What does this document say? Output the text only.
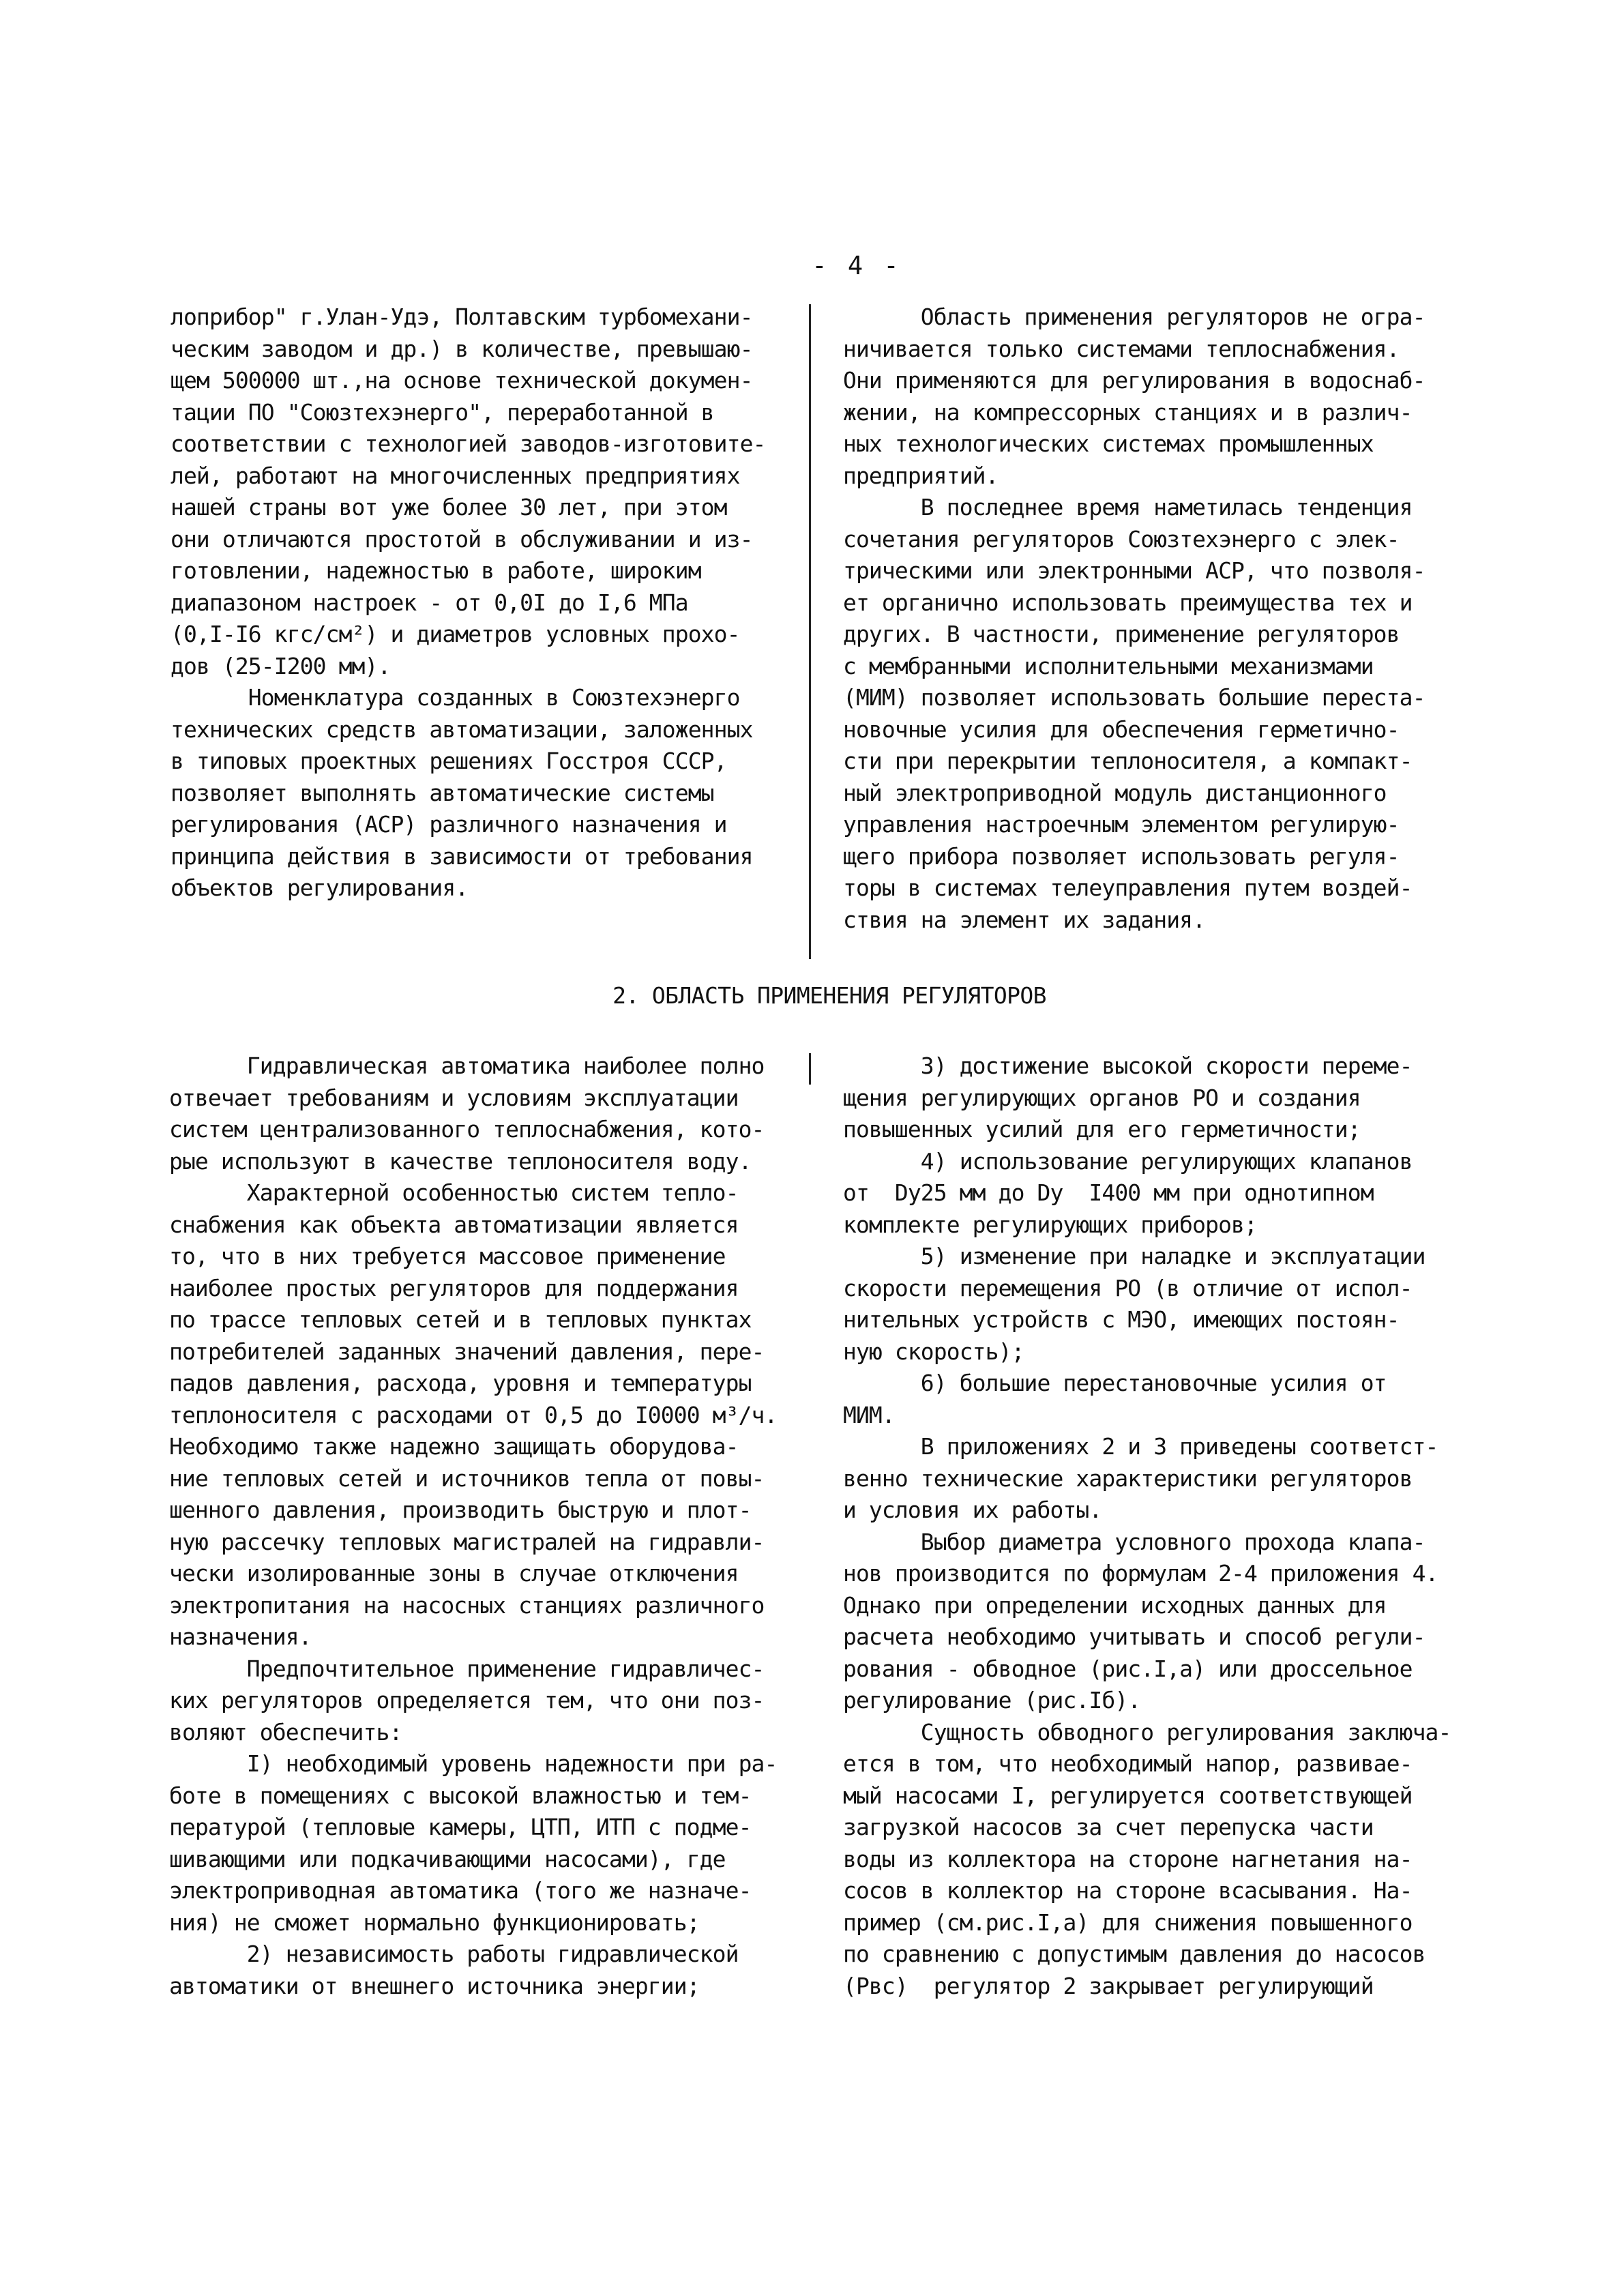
- 4 -

лоприбор" г.Улан-Удэ, Полтавским турбомехани-

ческим заводом и др.) в количестве, превышаю-

щем 500000 шт.,на основе технической докумен-

тации ПО "Союзтехэнерго", переработанной в

соответствии с технологией заводов-изготовите-

лей, работают на многочисленных предприятиях

нашей страны вот уже более 30 лет, при этом

они отличаются простотой в обслуживании и из-

готовлении, надежностью в работе, широким

диапазоном настроек - от 0,0I до I,6 МПа

(0,I-I6 кгс/см²) и диаметров условных прохо-

дов (25-I200 мм).

Номенклатура созданных в Союзтехэнерго

технических средств автоматизации, заложенных

в типовых проектных решениях Госстроя СССР,

позволяет выполнять автоматические системы

регулирования (АСР) различного назначения и

принципа действия в зависимости от требования

объектов регулирования.

Область применения регуляторов не огра-

ничивается только системами теплоснабжения.

Они применяются для регулирования в водоснаб-

жении, на компрессорных станциях и в различ-

ных технологических системах промышленных

предприятий.

В последнее время наметилась тенденция

сочетания регуляторов Союзтехэнерго с элек-

трическими или электронными АСР, что позволя-

ет органично использовать преимущества тех и

других. В частности, применение регуляторов

с мембранными исполнительными механизмами

(МИМ) позволяет использовать большие переста-

новочные усилия для обеспечения герметично-

сти при перекрытии теплоносителя, а компакт-

ный электроприводной модуль дистанционного

управления настроечным элементом регулирую-

щего прибора позволяет использовать регуля-

торы в системах телеуправления путем воздей-

ствия на элемент их задания.

2. ОБЛАСТЬ ПРИМЕНЕНИЯ РЕГУЛЯТОРОВ

Гидравлическая автоматика наиболее полно

отвечает требованиям и условиям эксплуатации

систем централизованного теплоснабжения, кото-

рые используют в качестве теплоносителя воду.

Характерной особенностью систем тепло-

снабжения как объекта автоматизации является

то, что в них требуется массовое применение

наиболее простых регуляторов для поддержания

по трассе тепловых сетей и в тепловых пунктах

потребителей заданных значений давления, пере-

падов давления, расхода, уровня и температуры

теплоносителя с расходами от 0,5 до I0000 м³/ч.

Необходимо также надежно защищать оборудова-

ние тепловых сетей и источников тепла от повы-

шенного давления, производить быструю и плот-

ную рассечку тепловых магистралей на гидравли-

чески изолированные зоны в случае отключения

электропитания на насосных станциях различного

назначения.

Предпочтительное применение гидравличес-

ких регуляторов определяется тем, что они поз-

воляют обеспечить:

I) необходимый уровень надежности при ра-

боте в помещениях с высокой влажностью и тем-

пературой (тепловые камеры, ЦТП, ИТП с подме-

шивающими или подкачивающими насосами), где

электроприводная автоматика (того же назначе-

ния) не сможет нормально функционировать;

2) независимость работы гидравлической

автоматики от внешнего источника энергии;

3) достижение высокой скорости переме-

щения регулирующих органов РО и создания

повышенных усилий для его герметичности;

4) использование регулирующих клапанов

от  Dу25 мм до Dу  I400 мм при однотипном

комплекте регулирующих приборов;

5) изменение при наладке и эксплуатации

скорости перемещения РО (в отличие от испол-

нительных устройств с МЭО, имеющих постоян-

ную скорость);

6) большие перестановочные усилия от

МИМ.

В приложениях 2 и 3 приведены соответст-

венно технические характеристики регуляторов

и условия их работы.

Выбор диаметра условного прохода клапа-

нов производится по формулам 2-4 приложения 4.

Однако при определении исходных данных для

расчета необходимо учитывать и способ регули-

рования - обводное (рис.I,а) или дроссельное

регулирование (рис.Iб).

Сущность обводного регулирования заключа-

ется в том, что необходимый напор, развивае-

мый насосами I, регулируется соответствующей

загрузкой насосов за счет перепуска части

воды из коллектора на стороне нагнетания на-

сосов в коллектор на стороне всасывания. На-

пример (см.рис.I,а) для снижения повышенного

по сравнению с допустимым давления до насосов

(Pвс)  регулятор 2 закрывает регулирующий
